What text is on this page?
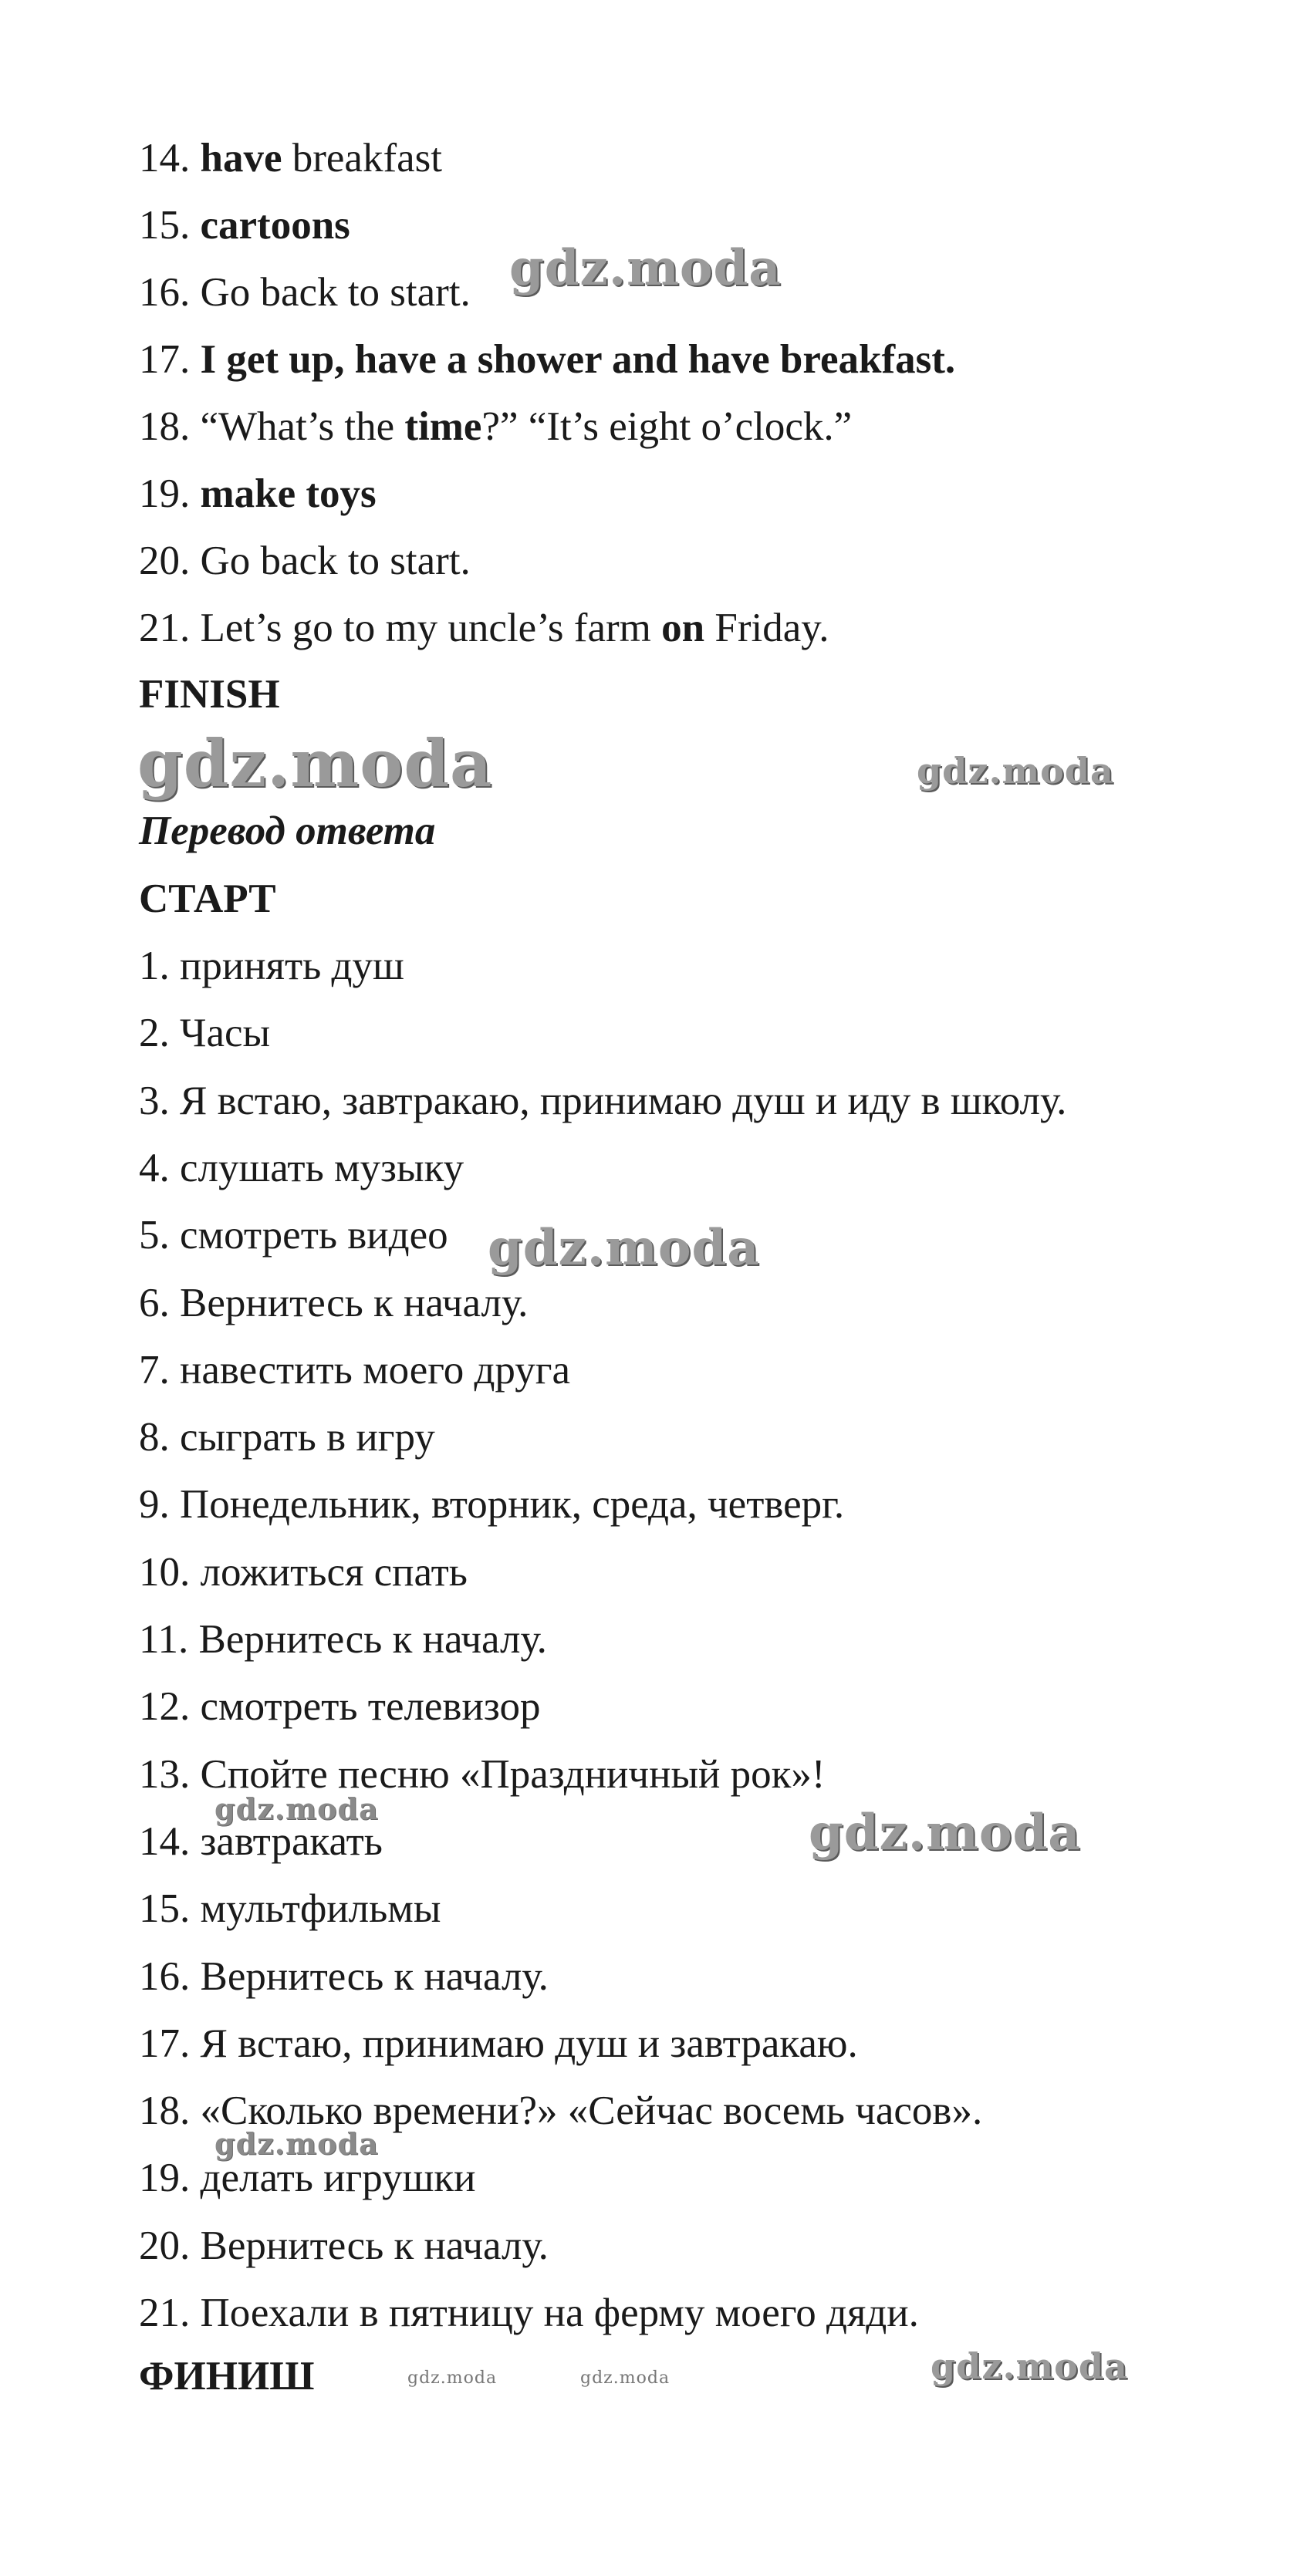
14. have breakfast
15. cartoons
16. Go back to start.
17. I get up, have a shower and have breakfast.
18. “What’s the time?” “It’s eight o’clock.”
19. make toys
20. Go back to start.
21. Let’s go to my uncle’s farm on Friday.
FINISH
Перевод ответа
СТАРТ
1. принять душ
2. Часы
3. Я встаю, завтракаю, принимаю душ и иду в школу.
4. слушать музыку
5. смотреть видео
6. Вернитесь к началу.
7. навестить моего друга
8. сыграть в игру
9. Понедельник, вторник, среда, четверг.
10. ложиться спать
11. Вернитесь к началу.
12. смотреть телевизор
13. Спойте песню «Праздничный рок»!
14. завтракать
15. мультфильмы
16. Вернитесь к началу.
17. Я встаю, принимаю душ и завтракаю.
18. «Сколько времени?» «Сейчас восемь часов».
19. делать игрушки
20. Вернитесь к началу.
21. Поехали в пятницу на ферму моего дяди.
ФИНИШ
gdz.moda
gdz.moda	gdz.moda
gdz.moda
gdz.moda	gdz.moda
gdz.moda
gdz.moda
gdz.moda	gdz.moda
